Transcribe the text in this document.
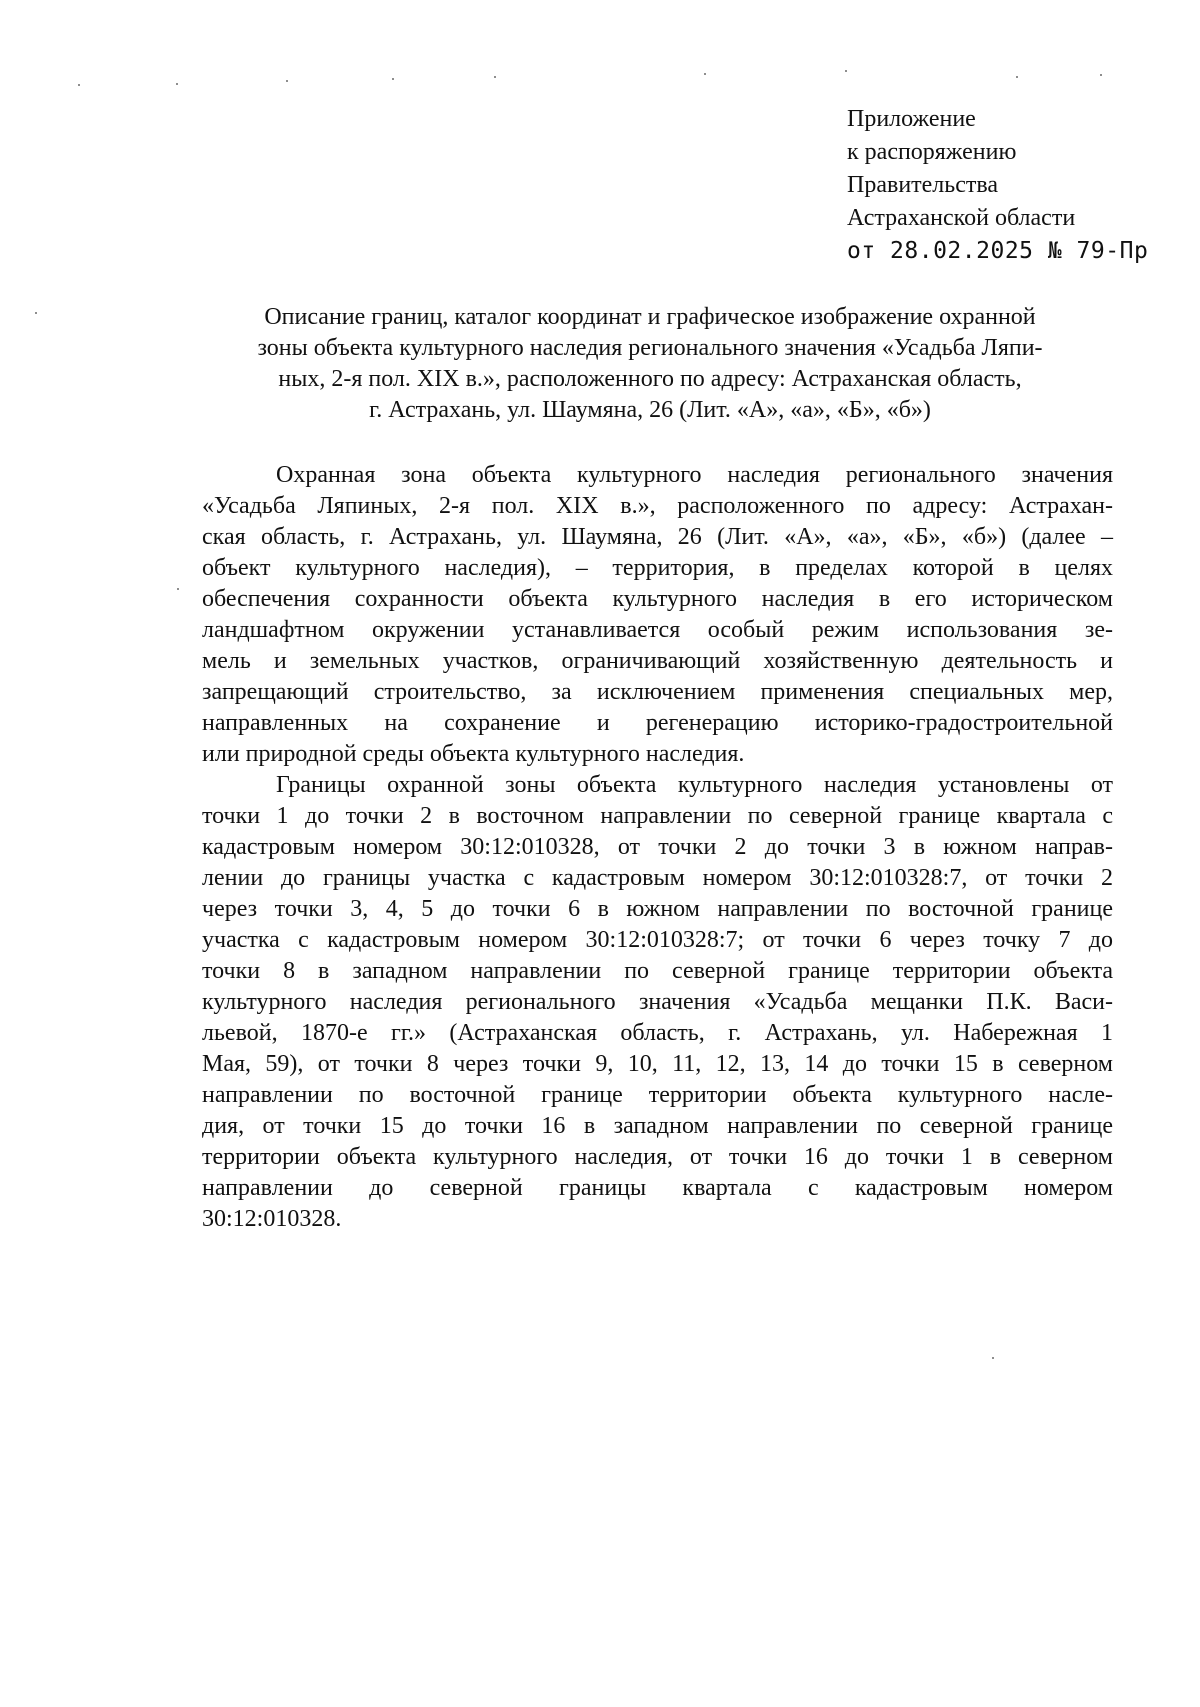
Приложение
к распоряжению
Правительства
Астраханской области
от 28.02.2025 № 79-Пр
Описание границ, каталог координат и графическое изображение охранной
зоны объекта культурного наследия регионального значения «Усадьба Ляпи-
ных, 2-я пол. XIX в.», расположенного по адресу: Астраханская область,
г. Астрахань, ул. Шаумяна, 26 (Лит. «А», «а», «Б», «б»)
Охранная зона объекта культурного наследия регионального значения
«Усадьба Ляпиных, 2-я пол. XIX в.», расположенного по адресу: Астрахан-
ская область, г. Астрахань, ул. Шаумяна, 26 (Лит. «А», «а», «Б», «б») (далее –
объект культурного наследия), – территория, в пределах которой в целях
обеспечения сохранности объекта культурного наследия в его историческом
ландшафтном окружении устанавливается особый режим использования зе-
мель и земельных участков, ограничивающий хозяйственную деятельность и
запрещающий строительство, за исключением применения специальных мер,
направленных на сохранение и регенерацию историко-градостроительной
или природной среды объекта культурного наследия.
Границы охранной зоны объекта культурного наследия установлены от
точки 1 до точки 2 в восточном направлении по северной границе квартала с
кадастровым номером 30:12:010328, от точки 2 до точки 3 в южном направ-
лении до границы участка с кадастровым номером 30:12:010328:7, от точки 2
через точки 3, 4, 5 до точки 6 в южном направлении по восточной границе
участка с кадастровым номером 30:12:010328:7; от точки 6 через точку 7 до
точки 8 в западном направлении по северной границе территории объекта
культурного наследия регионального значения «Усадьба мещанки П.К. Васи-
льевой, 1870-е гг.» (Астраханская область, г. Астрахань, ул. Набережная 1
Мая, 59), от точки 8 через точки 9, 10, 11, 12, 13, 14 до точки 15 в северном
направлении по восточной границе территории объекта культурного насле-
дия, от точки 15 до точки 16 в западном направлении по северной границе
территории объекта культурного наследия, от точки 16 до точки 1 в северном
направлении до северной границы квартала с кадастровым номером
30:12:010328.
